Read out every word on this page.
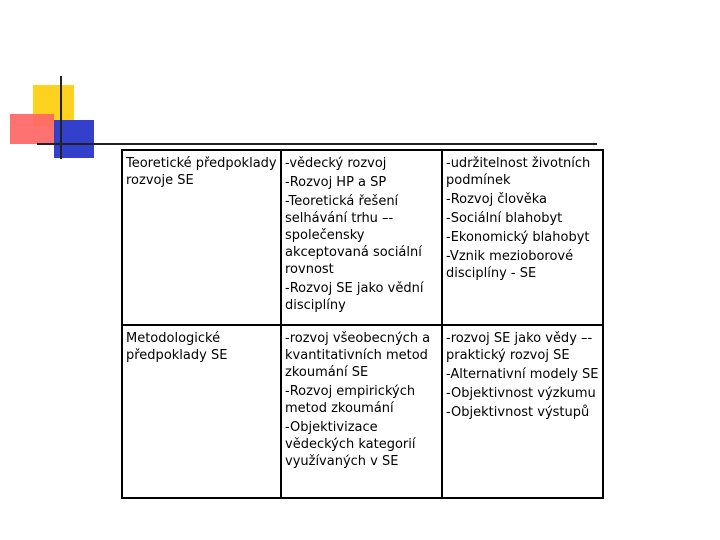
Teoretické předpoklady rozvoje SE	-vědecký rozvoj
-Rozvoj HP a SP
-Teoretická řešení selhávání trhu –-společensky akceptovaná sociální rovnost
-Rozvoj SE jako vědní disciplíny	-udržitelnost životních podmínek
-Rozvoj člověka
-Sociální blahobyt
-Ekonomický blahobyt
-Vznik mezioborové disciplíny - SE

Metodologické předpoklady SE	-rozvoj všeobecných a kvantitativních metod zkoumání SE
-Rozvoj empirických metod zkoumání
-Objektivizace vědeckých kategorií využívaných v SE	-rozvoj SE jako vědy –-praktický rozvoj SE
-Alternativní modely SE
-Objektivnost výzkumu
-Objektivnost výstupů
